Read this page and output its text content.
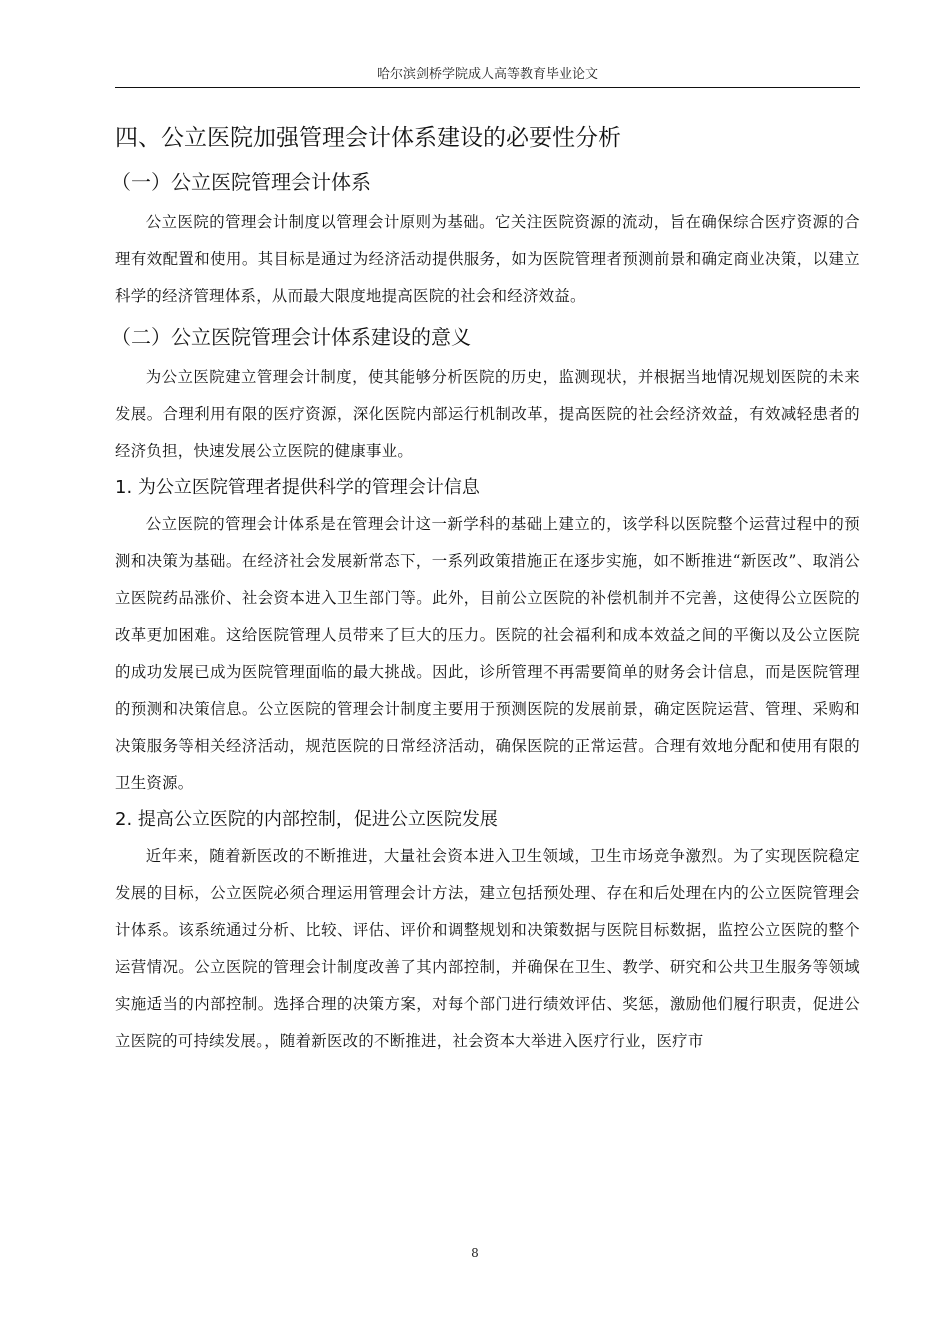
哈尔滨剑桥学院成人高等教育毕业论文
四、公立医院加强管理会计体系建设的必要性分析
（一）公立医院管理会计体系

公立医院的管理会计制度以管理会计原则为基础。它关注医院资源的流动，旨在确保综合医疗资源的合理有效配置和使用。其目标是通过为经济活动提供服务，如为医院管理者预测前景和确定商业决策，以建立科学的经济管理体系，从而最大限度地提高医院的社会和经济效益。

（二）公立医院管理会计体系建设的意义

为公立医院建立管理会计制度，使其能够分析医院的历史，监测现状，并根据当地情况规划医院的未来发展。合理利用有限的医疗资源，深化医院内部运行机制改革，提高医院的社会经济效益，有效减轻患者的经济负担，快速发展公立医院的健康事业。

1. 为公立医院管理者提供科学的管理会计信息

公立医院的管理会计体系是在管理会计这一新学科的基础上建立的，该学科以医院整个运营过程中的预测和决策为基础。在经济社会发展新常态下，一系列政策措施正在逐步实施，如不断推进“新医改”、取消公立医院药品涨价、社会资本进入卫生部门等。此外，目前公立医院的补偿机制并不完善，这使得公立医院的改革更加困难。这给医院管理人员带来了巨大的压力。医院的社会福利和成本效益之间的平衡以及公立医院的成功发展已成为医院管理面临的最大挑战。因此，诊所管理不再需要简单的财务会计信息，而是医院管理的预测和决策信息。公立医院的管理会计制度主要用于预测医院的发展前景，确定医院运营、管理、采购和决策服务等相关经济活动，规范医院的日常经济活动，确保医院的正常运营。合理有效地分配和使用有限的卫生资源。

2. 提高公立医院的内部控制，促进公立医院发展

近年来，随着新医改的不断推进，大量社会资本进入卫生领域，卫生市场竞争激烈。为了实现医院稳定发展的目标，公立医院必须合理运用管理会计方法，建立包括预处理、存在和后处理在内的公立医院管理会计体系。该系统通过分析、比较、评估、评价和调整规划和决策数据与医院目标数据，监控公立医院的整个运营情况。公立医院的管理会计制度改善了其内部控制，并确保在卫生、教学、研究和公共卫生服务等领域实施适当的内部控制。选择合理的决策方案，对每个部门进行绩效评估、奖惩，激励他们履行职责，促进公立医院的可持续发展。，随着新医改的不断推进，社会资本大举进入医疗行业，医疗市

8
